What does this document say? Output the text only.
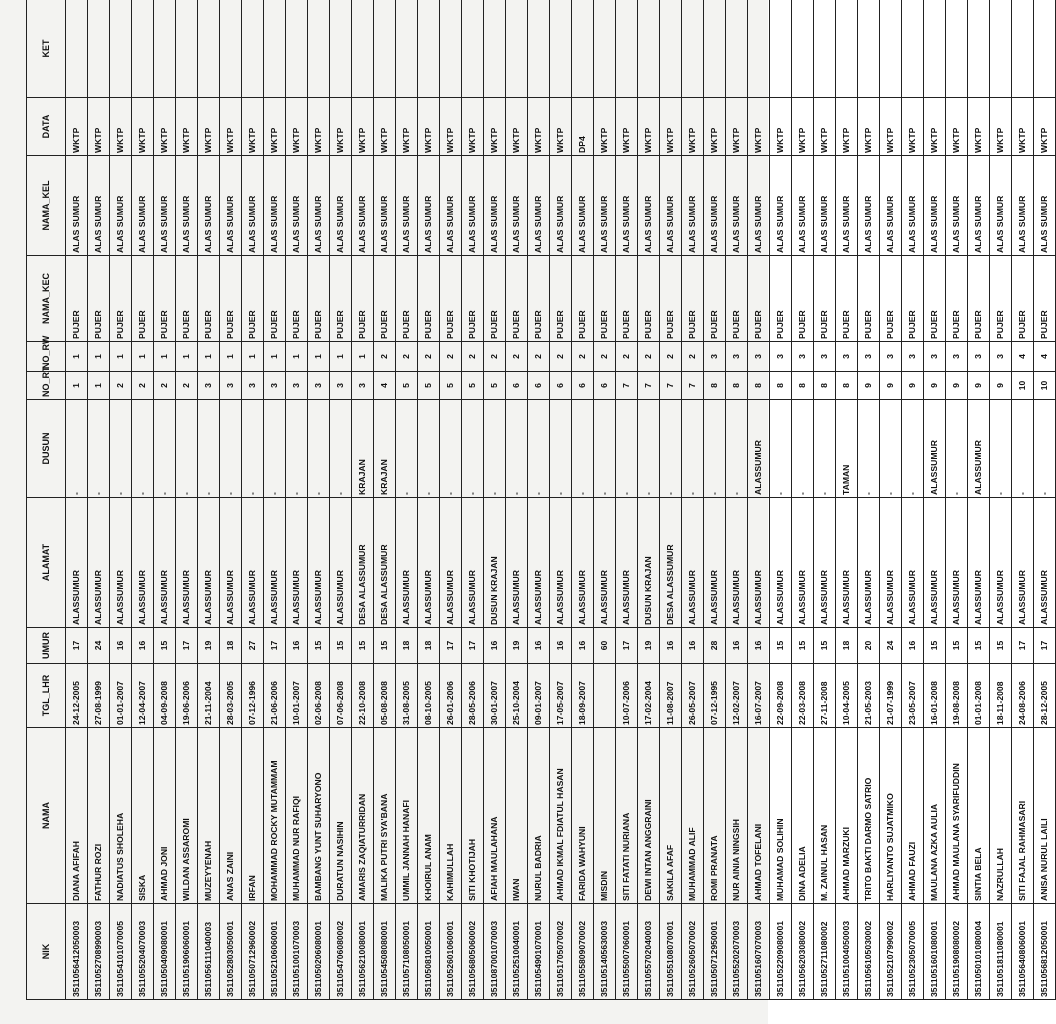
NIK	NAMA	TGL_LHR	UMUR	ALAMAT	DUSUN	NO_RT	NO_RW	NAMA_KEC	NAMA_KEL	DATA	KET
3511056412050003	DIANA AFIFAH	24-12-2005	17	ALASSUMUR	-	1	1	PUJER	ALAS SUMUR	WKTP	
3511052708990003	FATHUR ROZI	27-08-1999	24	ALASSUMUR	-	1	1	PUJER	ALAS SUMUR	WKTP	
3511054101070005	NADIATUS SHOLEHA	01-01-2007	16	ALASSUMUR	-	2	1	PUJER	ALAS SUMUR	WKTP	
3511055204070003	SISKA	12-04-2007	16	ALASSUMUR	-	2	1	PUJER	ALAS SUMUR	WKTP	
3511050409080001	AHMAD JONI	04-09-2008	15	ALASSUMUR	-	2	1	PUJER	ALAS SUMUR	WKTP	
3511051906060001	WILDAN ASSAROMI	19-06-2006	17	ALASSUMUR	-	2	1	PUJER	ALAS SUMUR	WKTP	
3511056111040003	MUZEYYENAH	21-11-2004	19	ALASSUMUR	-	3	1	PUJER	ALAS SUMUR	WKTP	
3511052803050001	ANAS ZAINI	28-03-2005	18	ALASSUMUR	-	3	1	PUJER	ALAS SUMUR	WKTP	
3511050712960002	IRFAN	07-12-1996	27	ALASSUMUR	-	3	1	PUJER	ALAS SUMUR	WKTP	
3511052106060001	MOHAMMAD ROCKY MUTAMMAM	21-06-2006	17	ALASSUMUR	-	3	1	PUJER	ALAS SUMUR	WKTP	
3511051001070003	MUHAMMAD NUR RAFIQI	10-01-2007	16	ALASSUMUR	-	3	1	PUJER	ALAS SUMUR	WKTP	
3511050206080001	BAMBANG YUNT SUHARYONO	02-06-2008	15	ALASSUMUR	-	3	1	PUJER	ALAS SUMUR	WKTP	
3511054706080002	DURATUN NASIHIN	07-06-2008	15	ALASSUMUR	-	3	1	PUJER	ALAS SUMUR	WKTP	
3511056210080001	AMARIS ZAQIATURRIDAN	22-10-2008	15	DESA ALASSUMUR	KRAJAN	3	1	PUJER	ALAS SUMUR	WKTP	
3511054508080001	MALIKA PUTRI SYA'BANA	05-08-2008	15	DESA ALASSUMUR	KRAJAN	4	2	PUJER	ALAS SUMUR	WKTP	
3511057108050001	UMMIL JANNAH HANAFI	31-08-2005	18	ALASSUMUR	-	5	2	PUJER	ALAS SUMUR	WKTP	
3511050810050001	KHOIRUL ANAM	08-10-2005	18	ALASSUMUR	-	5	2	PUJER	ALAS SUMUR	WKTP	
3511052601060001	KAHIMULLAH	26-01-2006	17	ALASSUMUR	-	5	2	PUJER	ALAS SUMUR	WKTP	
3511056805060002	SITI KHOTIJAH	28-05-2006	17	ALASSUMUR	-	5	2	PUJER	ALAS SUMUR	WKTP	
3511087001070003	AFIAH MAULAHANA	30-01-2007	16	DUSUN KRAJAN	-	5	2	PUJER	ALAS SUMUR	WKTP	
3511052510040001	IWAN	25-10-2004	19	ALASSUMUR	-	6	2	PUJER	ALAS SUMUR	WKTP	
3511054901070001	NURUL BADRIA	09-01-2007	16	ALASSUMUR	-	6	2	PUJER	ALAS SUMUR	WKTP	
3511051705070002	AHMAD IKMAL FDIATUL HASAN	17-05-2007	16	ALASSUMUR	-	6	2	PUJER	ALAS SUMUR	WKTP	
3511055809070002	FARIDA WAHYUNI	18-09-2007	16	ALASSUMUR	-	6	2	PUJER	ALAS SUMUR	DP4	
3511051405630003	MISDIN		60	ALASSUMUR	-	6	2	PUJER	ALAS SUMUR	WKTP	
3511055007060001	SITI FATATI NURIANA	10-07-2006	17	ALASSUMUR	-	7	2	PUJER	ALAS SUMUR	WKTP	
3511055702040003	DEWI INTAN ANGGRAINI	17-02-2004	19	DUSUN KRAJAN	-	7	2	PUJER	ALAS SUMUR	WKTP	
3511055108070001	SAKILA AFAF	11-08-2007	16	DESA ALASSUMUR	-	7	2	PUJER	ALAS SUMUR	WKTP	
3511052605070002	MUHAMMAD ALIF	26-05-2007	16	ALASSUMUR	-	7	2	PUJER	ALAS SUMUR	WKTP	
3511050712950001	ROMI PRANATA	07-12-1995	28	ALASSUMUR	-	8	3	PUJER	ALAS SUMUR	WKTP	
3511055202070003	NUR AINIA NINGSIH	12-02-2007	16	ALASSUMUR	-	8	3	PUJER	ALAS SUMUR	WKTP	
3511051607070003	AHMAD TOFELANI	16-07-2007	16	ALASSUMUR	ALASSUMUR	8	3	PUJER	ALAS SUMUR	WKTP	
3511052209080001	MUHAMAD SOLIHIN	22-09-2008	15	ALASSUMUR	-	8	3	PUJER	ALAS SUMUR	WKTP	
3511056203080002	DINA ADELIA	22-03-2008	15	ALASSUMUR	-	8	3	PUJER	ALAS SUMUR	WKTP	
3511052711080002	M. ZAINUL HASAN	27-11-2008	15	ALASSUMUR	-	8	3	PUJER	ALAS SUMUR	WKTP	
3511051004050003	AHMAD MARZUKI	10-04-2005	18	ALASSUMUR	TAMAN	8	3	PUJER	ALAS SUMUR	WKTP	
3511056105030002	TRITO BAKTI DARMO SATRIO	21-05-2003	20	ALASSUMUR	-	9	3	PUJER	ALAS SUMUR	WKTP	
3511052107990002	HARLIYANTO SUJATMIKO	21-07-1999	24	ALASSUMUR	-	9	3	PUJER	ALAS SUMUR	WKTP	
3511052305070005	AHMAD FAUZI	23-05-2007	16	ALASSUMUR	-	9	3	PUJER	ALAS SUMUR	WKTP	
3511051601080001	MAULANA AZKA AULIA	16-01-2008	15	ALASSUMUR	ALASSUMUR	9	3	PUJER	ALAS SUMUR	WKTP	
3511051908080002	AHMAD MAULANA SYARIFUDDIN	19-08-2008	15	ALASSUMUR	-	9	3	PUJER	ALAS SUMUR	WKTP	
3511050101080004	SINTIA BELA	01-01-2008	15	ALASSUMUR	ALASSUMUR	9	3	PUJER	ALAS SUMUR	WKTP	
3511051811080001	NAZRULLAH	18-11-2008	15	ALASSUMUR	-	9	3	PUJER	ALAS SUMUR	WKTP	
3511056408060001	SITI FAJAL RAHMASARI	24-08-2006	17	ALASSUMUR	-	10	4	PUJER	ALAS SUMUR	WKTP	
3511056812050001	ANISA NURUL LAILI	28-12-2005	17	ALASSUMUR	-	10	4	PUJER	ALAS SUMUR	WKTP	
